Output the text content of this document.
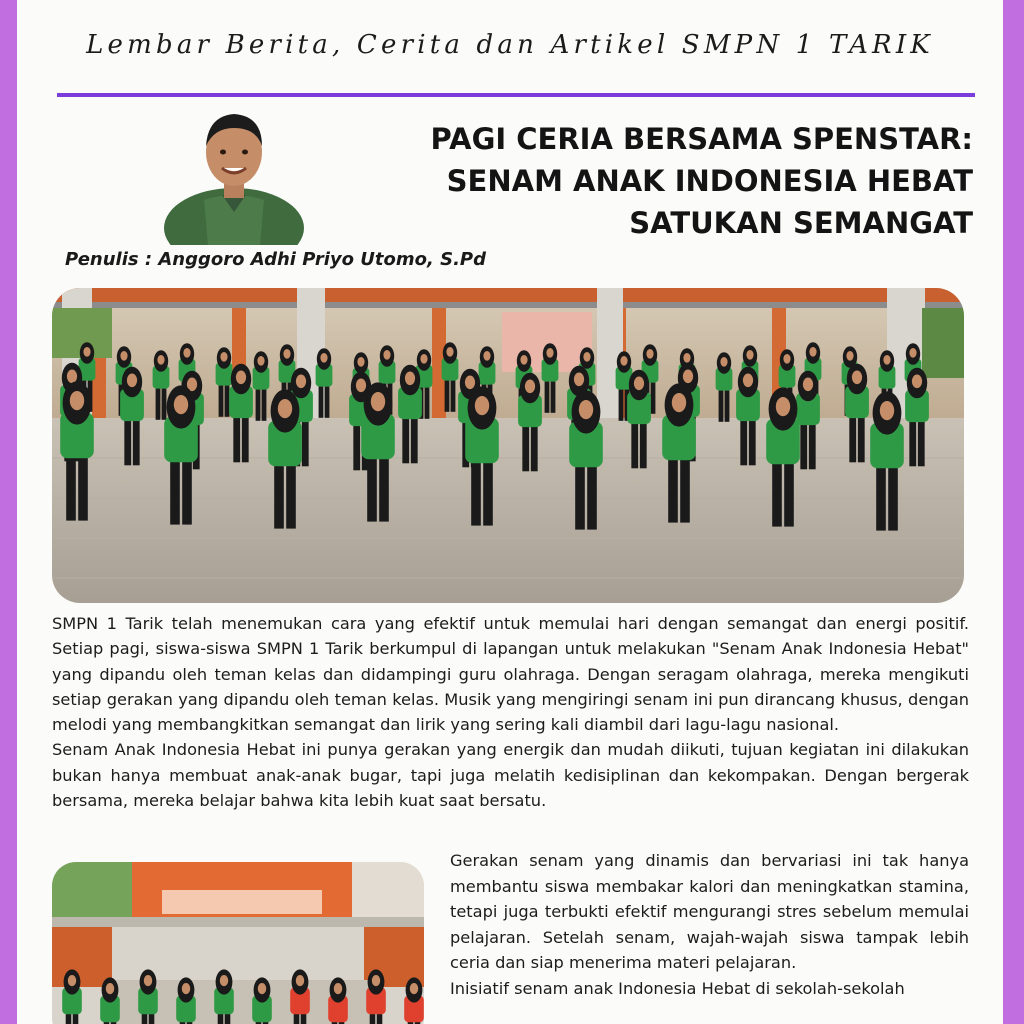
Lembar Berita, Cerita dan Artikel SMPN 1 TARIK
Penulis : Anggoro Adhi Priyo Utomo, S.Pd
PAGI CERIA BERSAMA SPENSTAR:
SENAM ANAK INDONESIA HEBAT
SATUKAN SEMANGAT

SMPN 1 Tarik telah menemukan cara yang efektif untuk memulai hari dengan semangat dan energi positif. Setiap pagi, siswa-siswa SMPN 1 Tarik berkumpul di lapangan untuk melakukan "Senam Anak Indonesia Hebat" yang dipandu oleh teman kelas dan didampingi guru olahraga. Dengan seragam olahraga, mereka mengikuti setiap gerakan yang dipandu oleh teman kelas. Musik yang mengiringi senam ini pun dirancang khusus, dengan melodi yang membangkitkan semangat dan lirik yang sering kali diambil dari lagu-lagu nasional.

Senam Anak Indonesia Hebat ini punya gerakan yang energik dan mudah diikuti, tujuan kegiatan ini dilakukan bukan hanya membuat anak-anak bugar, tapi juga melatih kedisiplinan dan kekompakan. Dengan bergerak bersama, mereka belajar bahwa kita lebih kuat saat bersatu.

Gerakan senam yang dinamis dan bervariasi ini tak hanya membantu siswa membakar kalori dan meningkatkan stamina, tetapi juga terbukti efektif mengurangi stres sebelum memulai pelajaran. Setelah senam, wajah-wajah siswa tampak lebih ceria dan siap menerima materi pelajaran.

Inisiatif senam anak Indonesia Hebat di sekolah-sekolah
